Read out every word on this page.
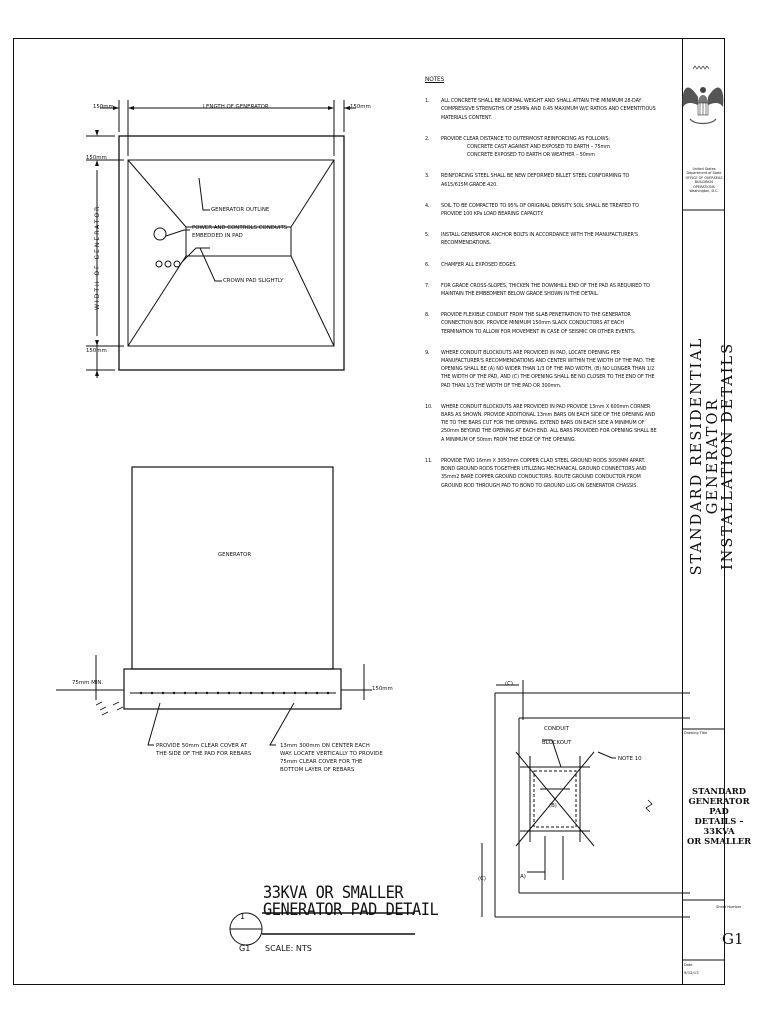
NOTES
1.	ALL CONCRETE SHALL BE NORMAL WEIGHT AND SHALL ATTAIN THE MINIMUM 28-DAY COMPRESSIVE STRENGTHS OF 25MPa AND 0.45 MAXIMUM W/C RATIOS AND CEMENTITIOUS MATERIALS CONTENT.
2.	PROVIDE CLEAR DISTANCE TO OUTERMOST REINFORCING AS FOLLOWS:
CONCRETE CAST AGAINST AND EXPOSED TO EARTH – 75mm
CONCRETE EXPOSED TO EARTH OR WEATHER – 50mm
3.	REINFORCING STEEL SHALL BE NEW DEFORMED BILLET STEEL CONFORMING TO A615/615M GRADE 420.
4.	SOIL TO BE COMPACTED TO 95% OF ORIGINAL DENSITY. SOIL SHALL BE TREATED TO PROVIDE 100 KPa LOAD BEARING CAPACITY.
5.	INSTALL GENERATOR ANCHOR BOLTS IN ACCORDANCE WITH THE MANUFACTURER'S RECOMMENDATIONS.
6.	CHAMFER ALL EXPOSED EDGES.
7.	FOR GRADE CROSS-SLOPES, THICKEN THE DOWNHILL END OF THE PAD AS REQUIRED TO MAINTAIN THE EMBEDMENT BELOW GRADE SHOWN IN THE DETAIL.
8.	PROVIDE FLEXIBLE CONDUIT FROM THE SLAB PENETRATION TO THE GENERATOR CONNECTION BOX. PROVIDE MINIMUM 150mm SLACK CONDUCTORS AT EACH TERMINATION TO ALLOW FOR MOVEMENT IN CASE OF SEISMIC OR OTHER EVENTS.
9.	WHERE CONDUIT BLOCKOUTS ARE PROVIDED IN PAD, LOCATE OPENING PER MANUFACTURER'S RECOMMENDATIONS AND CENTER WITHIN THE WIDTH OF THE PAD. THE OPENING SHALL BE (A) NO WIDER THAN 1/3 OF THE PAD WIDTH, (B) NO LONGER THAN 1/2 THE WIDTH OF THE PAD, AND (C) THE OPENING SHALL BE NO CLOSER TO THE END OF THE PAD THAN 1/3 THE WIDTH OF THE PAD OR 300mm.
10.	WHERE CONDUIT BLOCKOUTS ARE PROVIDED IN PAD PROVIDE 13mm X 600mm CORNER BARS AS SHOWN. PROVIDE ADDITIONAL 13mm BARS ON EACH SIDE OF THE OPENING AND TIE TO THE BARS CUT FOR THE OPENING. EXTEND BARS ON EACH SIDE A MINIMUM OF 250mm BEYOND THE OPENING AT EACH END. ALL BARS PROVIDED FOR OPENING SHALL BE A MINIMUM OF 50mm FROM THE EDGE OF THE OPENING.
11.	PROVIDE TWO 16mm X 3050mm COPPER CLAD STEEL GROUND RODS 3050MM APART. BOND GROUND RODS TOGETHER UTILIZING MECHANICAL GROUND CONNECTORS AND 35mm2 BARE COPPER GROUND CONDUCTORS. ROUTE GROUND CONDUCTOR FROM GROUND ROD THROUGH PAD TO BOND TO GROUND LUG ON GENERATOR CHASSIS.
150mm	LENGTH OF GENERATOR	150mm
150mm
WIDTH OF GENERATOR
150mm
GENERATOR OUTLINE
POWER AND CONTROLS CONDUITS
EMBEDDED IN PAD
CROWN PAD SLIGHTLY
GENERATOR
75mm MIN.
150mm
PROVIDE 50mm CLEAR COVER AT
THE SIDE OF THE PAD FOR REBARS
13mm 300mm ON CENTER EACH
WAY. LOCATE VERTICALLY TO PROVIDE
75mm CLEAR COVER FOR THE
BOTTOM LAYER OF REBARS
(C)
CONDUIT
BLOCKOUT
NOTE 10
(B)
(A)
(C)
33KVA OR SMALLER
GENERATOR PAD DETAIL
SCALE: NTS
1
G1
United States Department of State
OFFICE OF OVERSEAS BUILDINGS OPERATIONS
Washington, D.C.
STANDARD RESIDENTIAL GENERATOR INSTALLATION DETAILS
Drawing Title
STANDARD
GENERATOR PAD
DETAILS – 33KVA
OR SMALLER
Sheet Number
G1
Date
9/12/13
